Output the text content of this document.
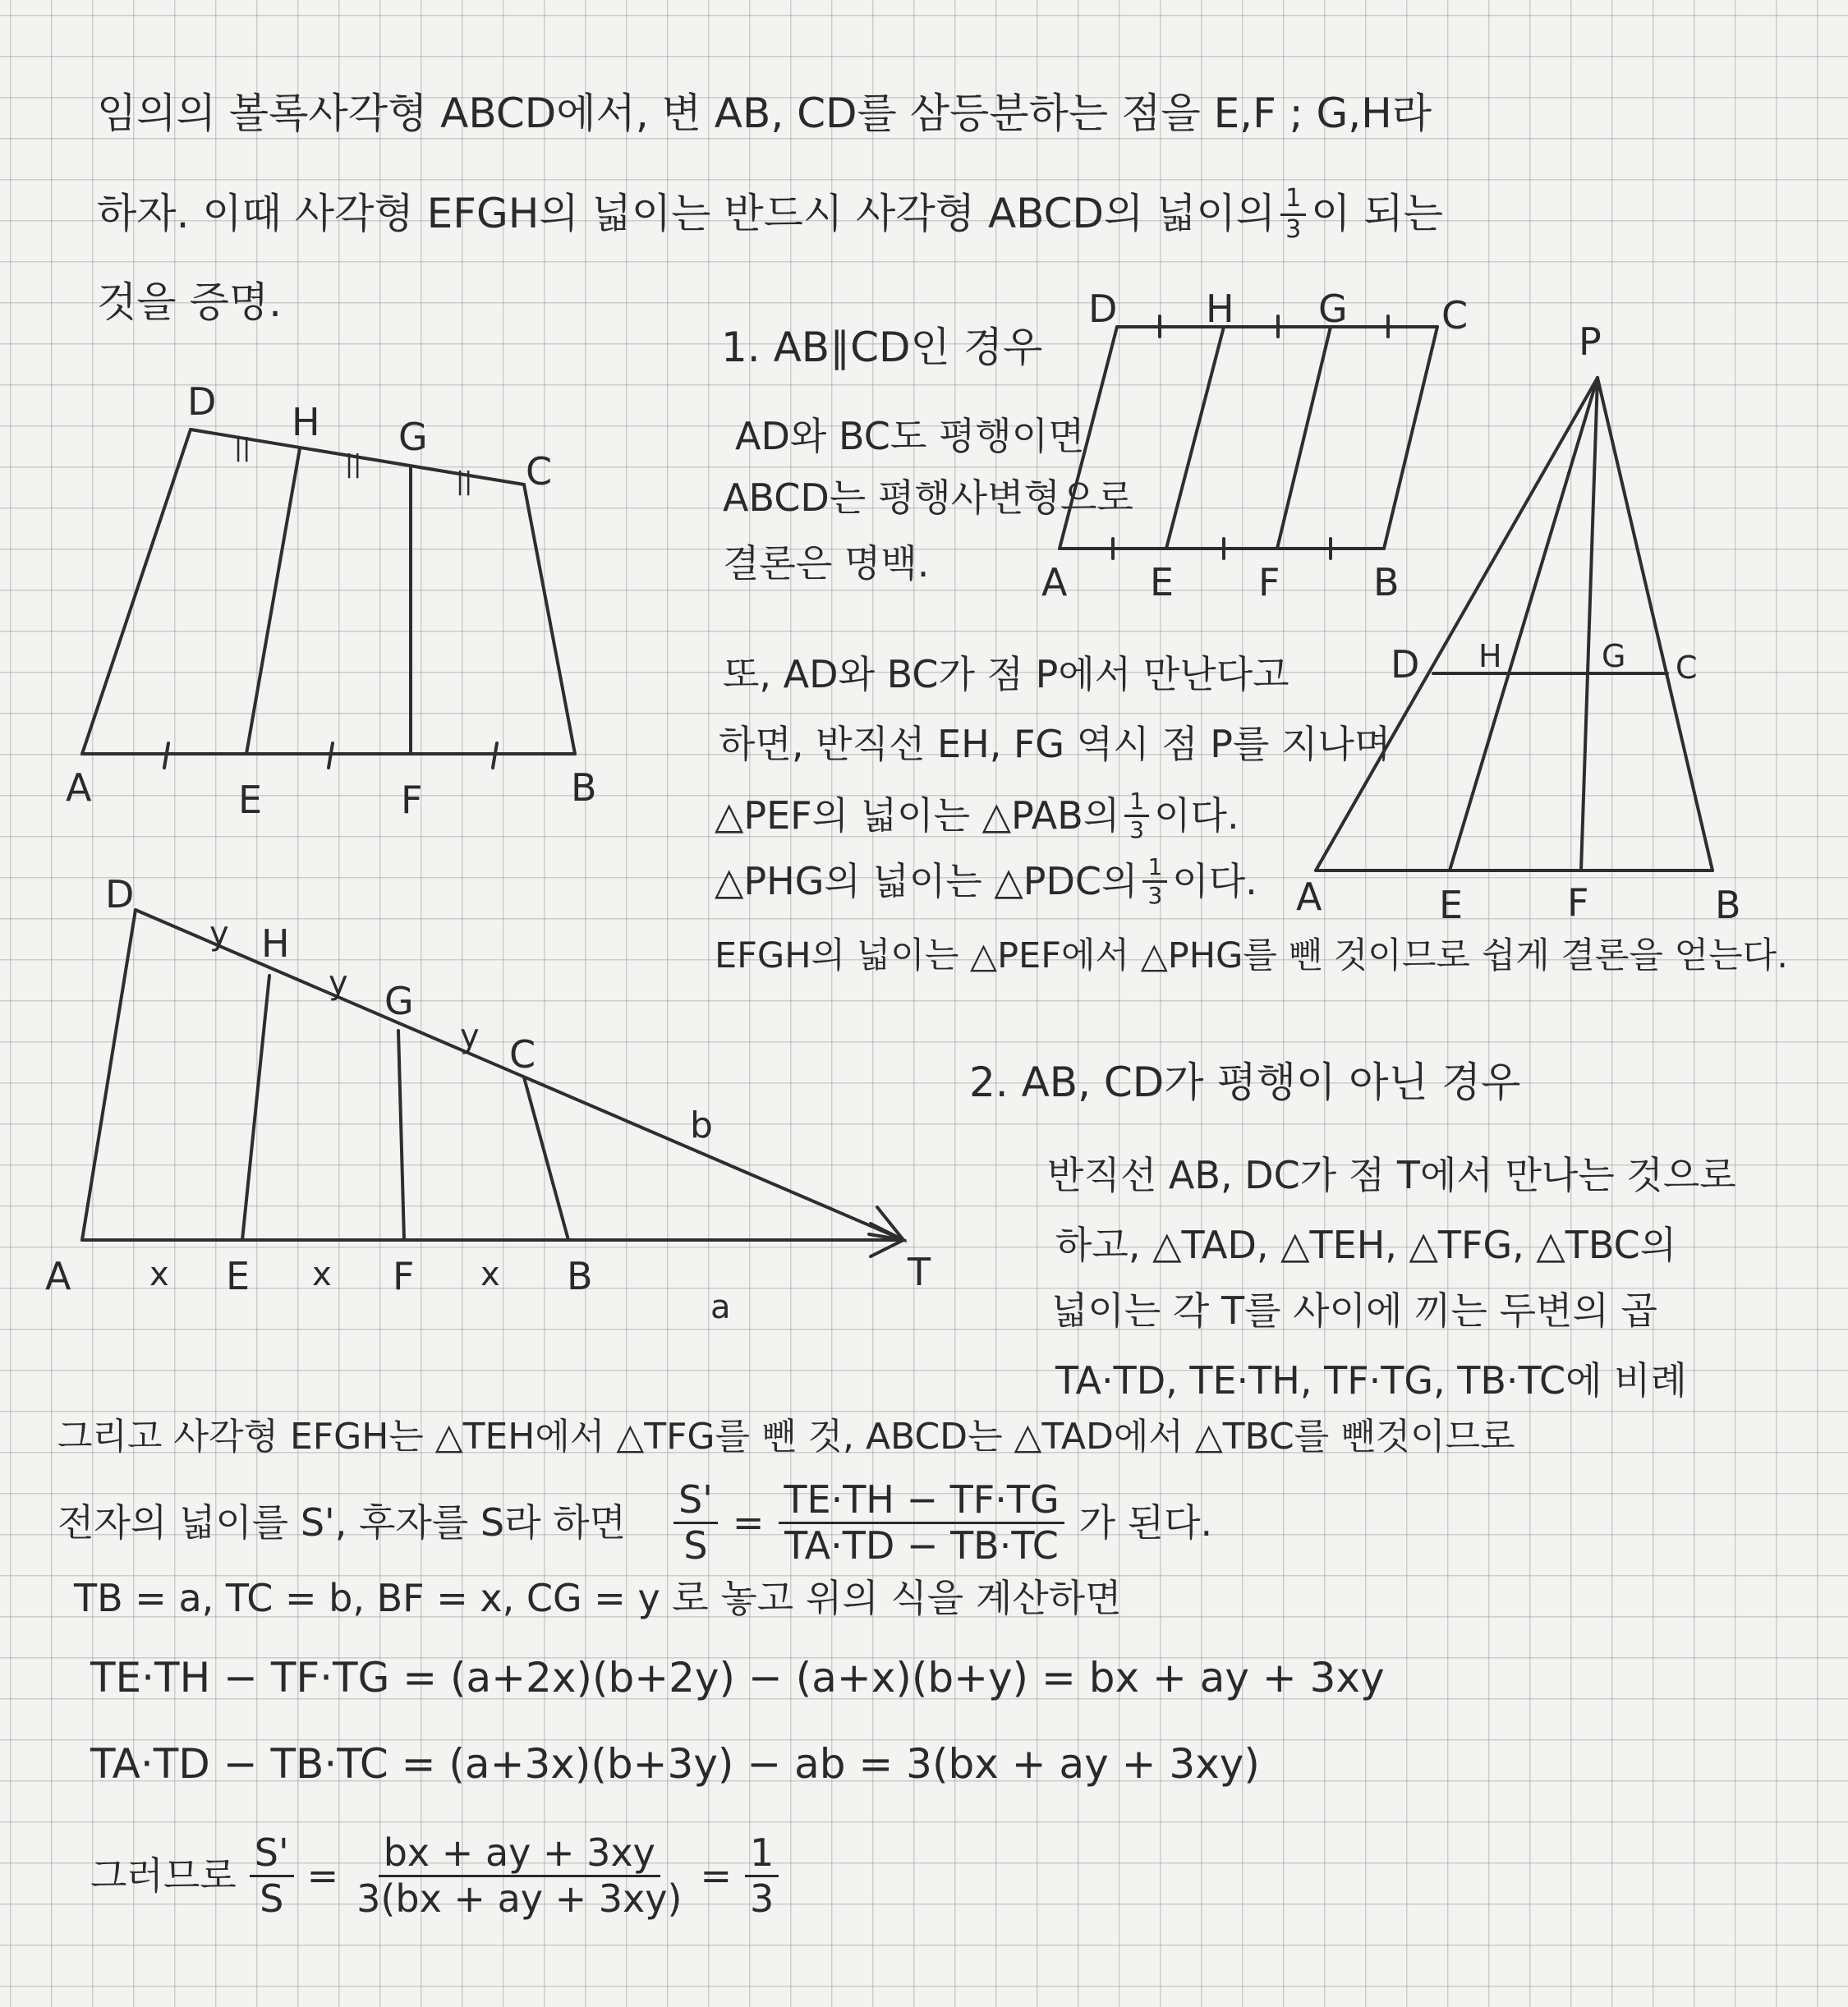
임의의 볼록사각형 ABCD에서, 변 AB, CD를 삼등분하는 점을 E,F ; G,H라
하자. 이때 사각형 EFGH의 넓이는 반드시 사각형 ABCD의 넓이의 $\frac{1}{3}$ 이 되는
것을 증명.
1. AB∥CD인 경우
AD와 BC도 평행이면
ABCD는 평행사변형으로
결론은 명백.
또, AD와 BC가 점 P에서 만난다고
하면, 반직선 EH, FG 역시 점 P를 지나며
△PEF의 넓이는 △PAB의 $\frac{1}{3}$ 이다.
△PHG의 넓이는 △PDC의 $\frac{1}{3}$ 이다.
EFGH의 넓이는 △PEF에서 △PHG를 뺀 것이므로 쉽게 결론을 얻는다.
2. AB, CD가 평행이 아닌 경우
반직선 AB, DC가 점 T에서 만나는 것으로
하고, △TAD, △TEH, △TFG, △TBC의
넓이는 각 T를 사이에 끼는 두변의 곱
TA·TD, TE·TH, TF·TG, TB·TC에 비례
그리고 사각형 EFGH는 △TEH에서 △TFG를 뺀 것, ABCD는 △TAD에서 △TBC를 뺀것이므로
전자의 넓이를 S', 후자를 S라 하면 $\frac{S'}{S} = \frac{TE\cdot TH - TF\cdot TG}{TA\cdot TD - TB\cdot TC}$ 가 된다.
TB = a, TC = b, BF = x, CG = y 로 놓고 위의 식을 계산하면
TE·TH − TF·TG = (a+2x)(b+2y) − (a+x)(b+y) = bx + ay + 3xy
TA·TD − TB·TC = (a+3x)(b+3y) − ab = 3(bx + ay + 3xy)
그러므로 $\frac{S'}{S} = \frac{bx + ay + 3xy}{3(bx + ay + 3xy)} = \frac{1}{3}$
A	E	F	B
D H G
C
||
||
||
A E F B
D H G C
P
A	E	F	B
D H	G C
A	E	F	B	T
D
H
G
C
x	x	x
y
y
y
a
b
